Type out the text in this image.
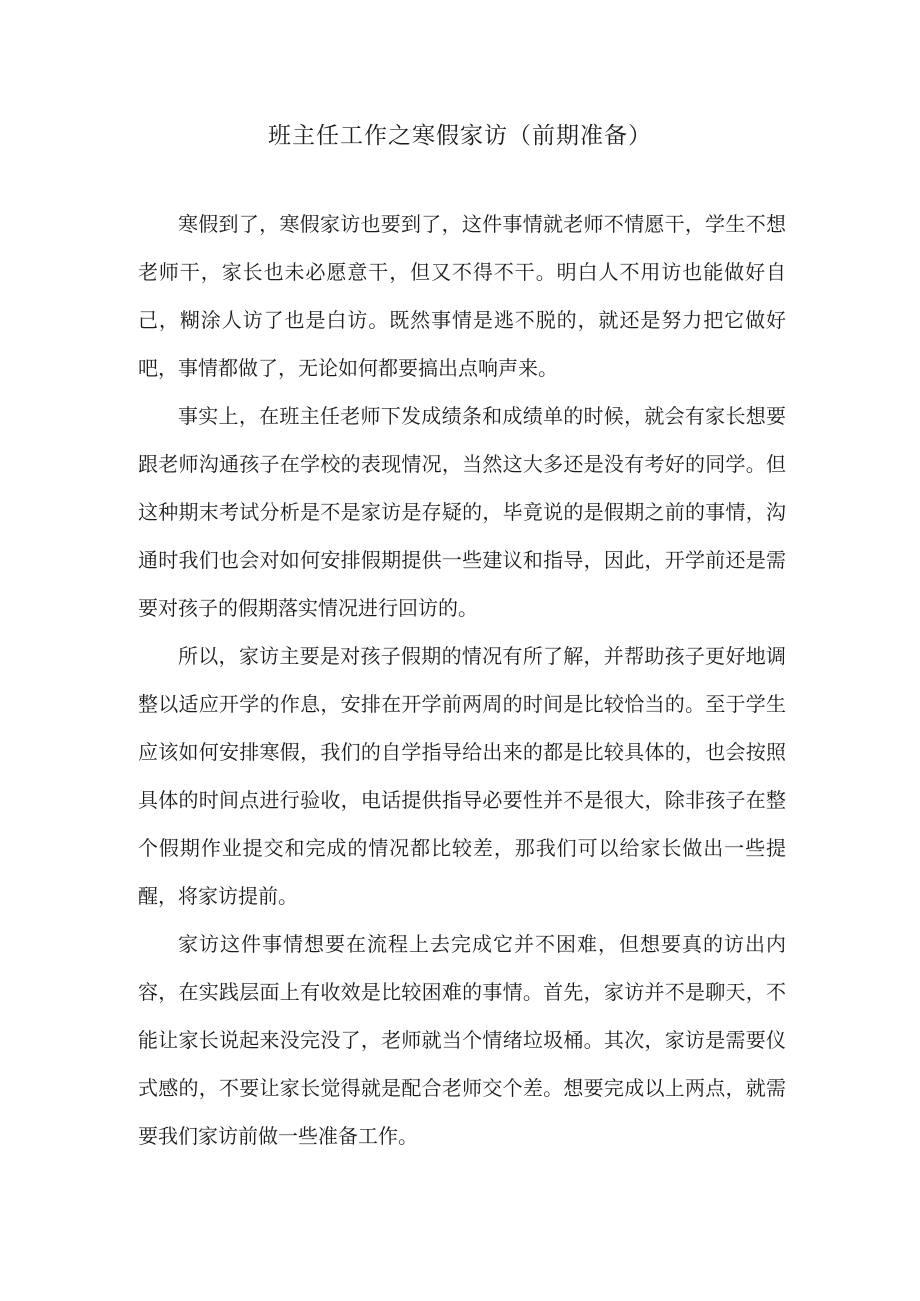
班主任工作之寒假家访（前期准备）

寒假到了，寒假家访也要到了，这件事情就老师不情愿干，学生不想老师干，家长也未必愿意干，但又不得不干。明白人不用访也能做好自己，糊涂人访了也是白访。既然事情是逃不脱的，就还是努力把它做好吧，事情都做了，无论如何都要搞出点响声来。

事实上，在班主任老师下发成绩条和成绩单的时候，就会有家长想要跟老师沟通孩子在学校的表现情况，当然这大多还是没有考好的同学。但这种期末考试分析是不是家访是存疑的，毕竟说的是假期之前的事情，沟通时我们也会对如何安排假期提供一些建议和指导，因此，开学前还是需要对孩子的假期落实情况进行回访的。

所以，家访主要是对孩子假期的情况有所了解，并帮助孩子更好地调整以适应开学的作息，安排在开学前两周的时间是比较恰当的。至于学生应该如何安排寒假，我们的自学指导给出来的都是比较具体的，也会按照具体的时间点进行验收，电话提供指导必要性并不是很大，除非孩子在整个假期作业提交和完成的情况都比较差，那我们可以给家长做出一些提醒，将家访提前。

家访这件事情想要在流程上去完成它并不困难，但想要真的访出内容，在实践层面上有收效是比较困难的事情。首先，家访并不是聊天，不能让家长说起来没完没了，老师就当个情绪垃圾桶。其次，家访是需要仪式感的，不要让家长觉得就是配合老师交个差。想要完成以上两点，就需要我们家访前做一些准备工作。
